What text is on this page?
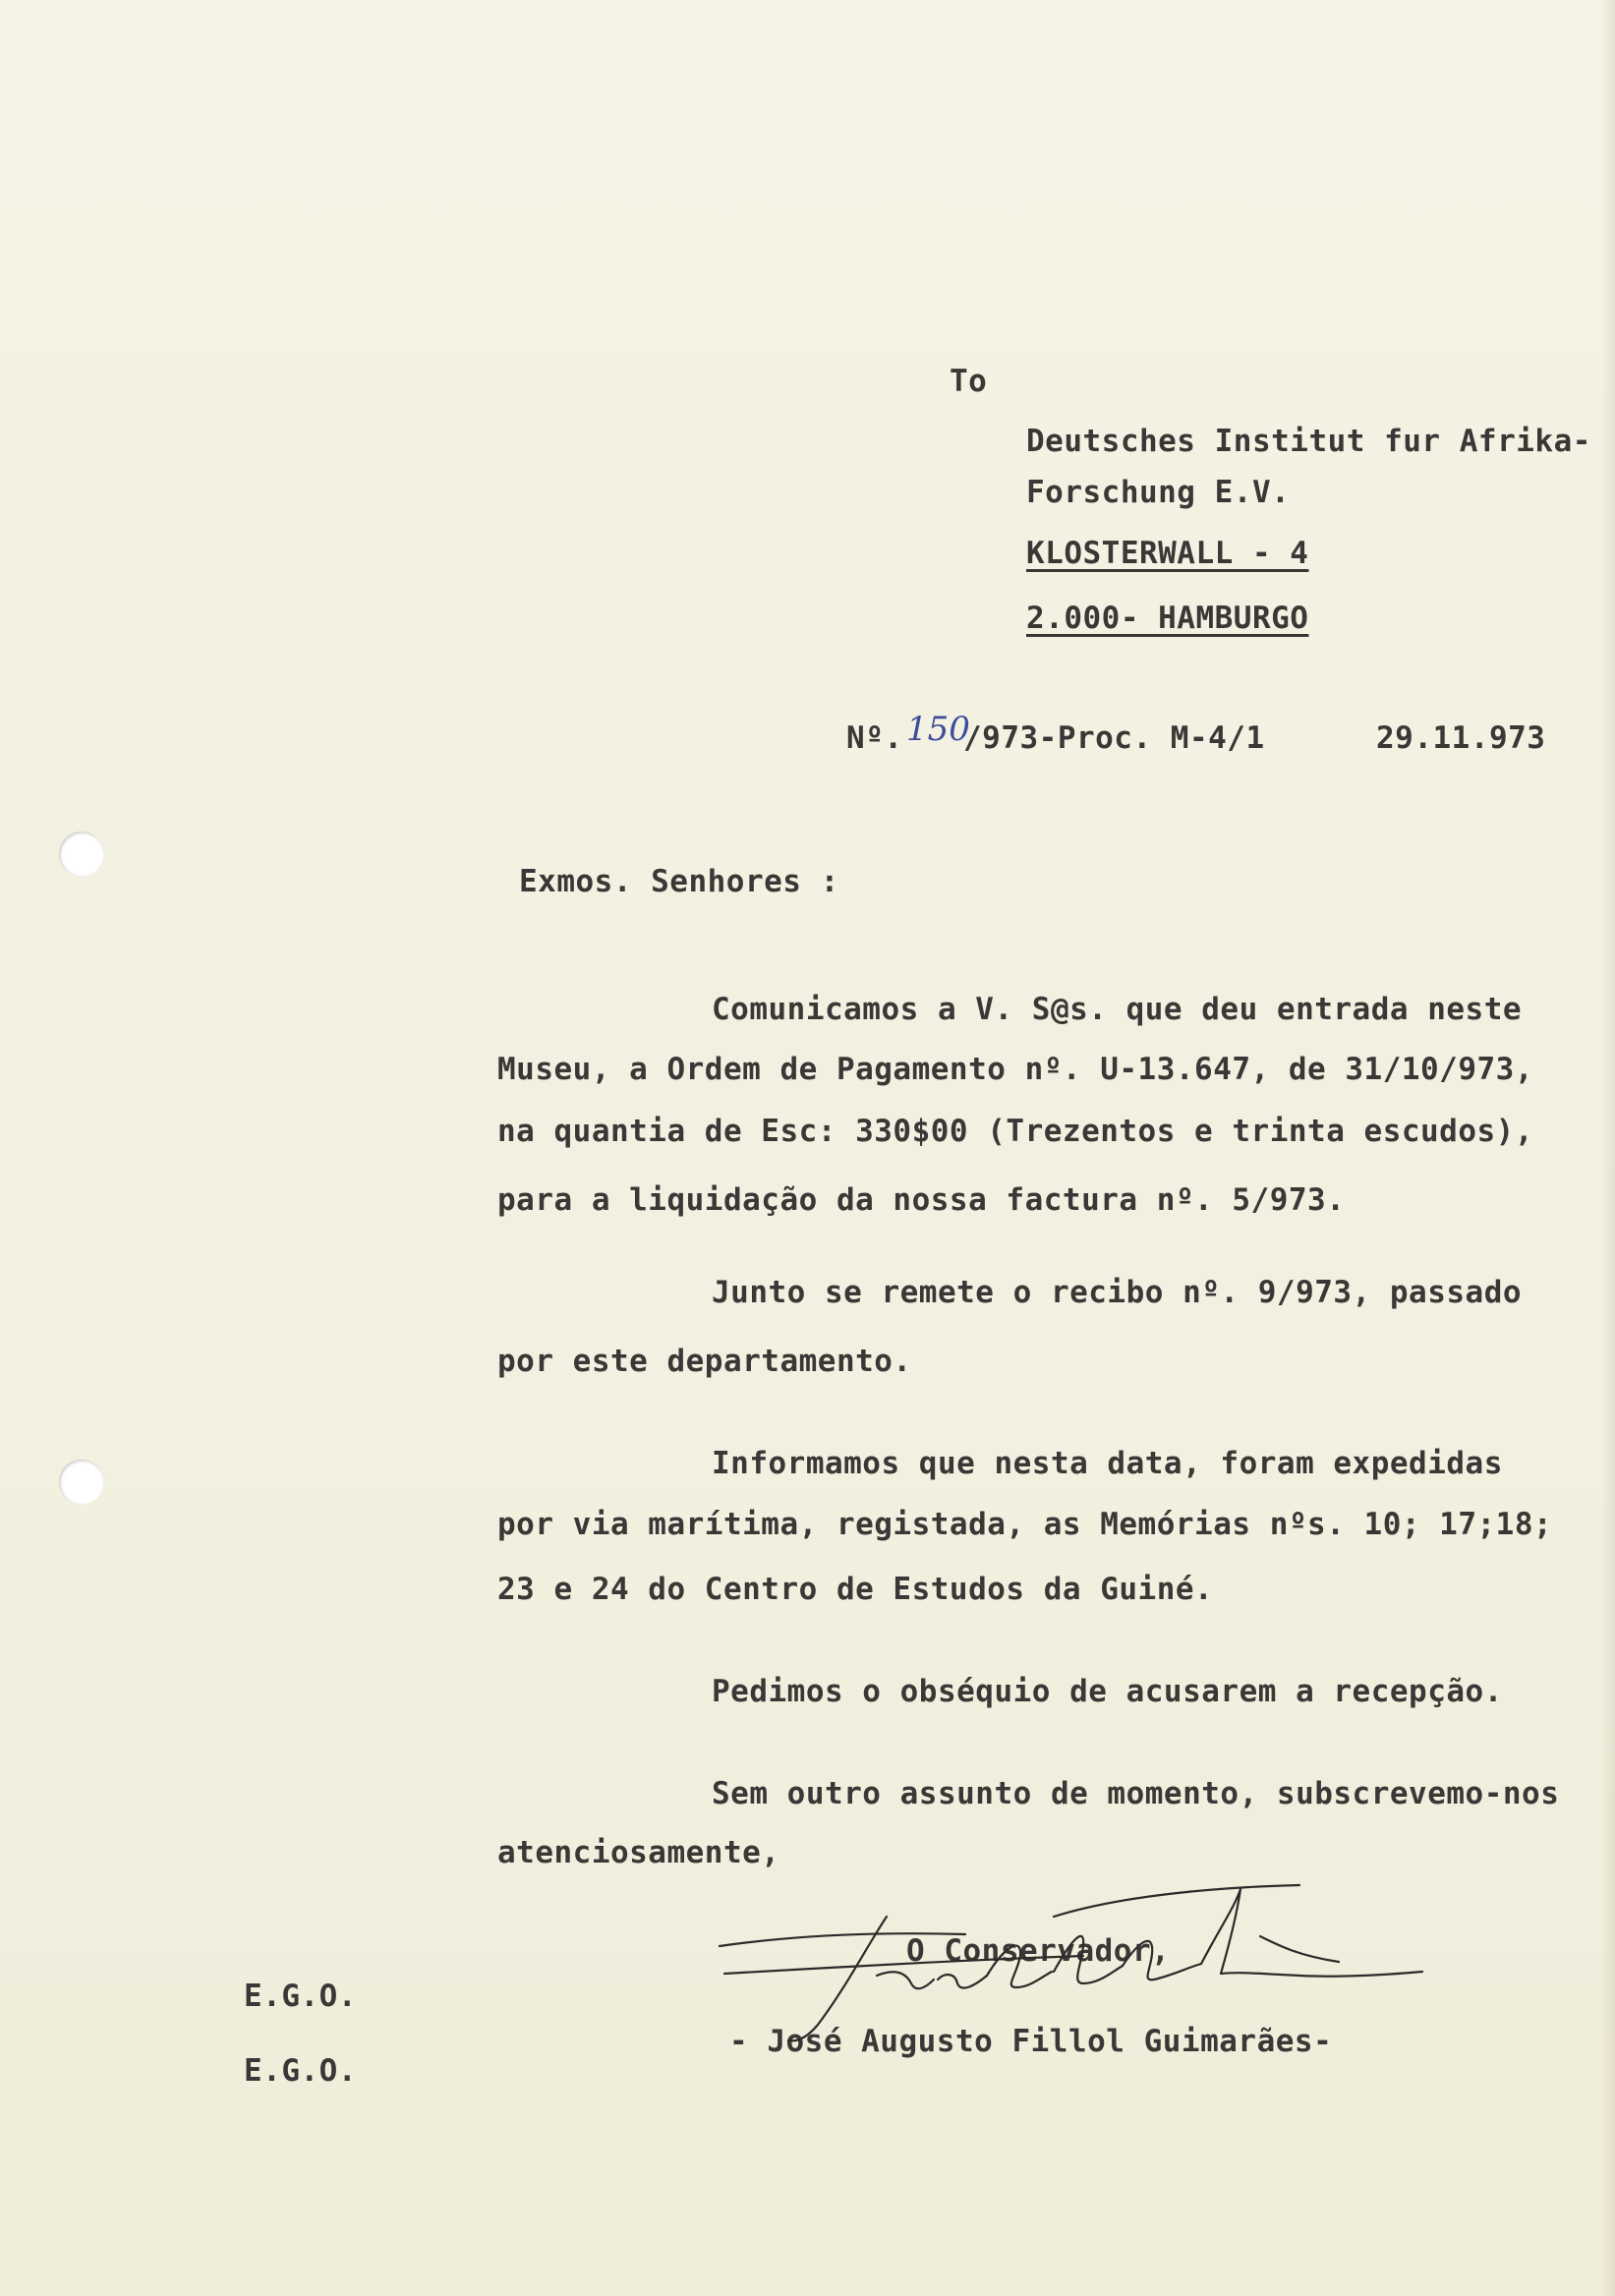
To
Deutsches Institut fur Afrika-
Forschung E.V.
KLOSTERWALL - 4
2.000- HAMBURGO
Nº. 150
/973-Proc. M-4/1	29.11.973
Exmos. Senhores :
Comunicamos a V. S@s. que deu entrada neste
Museu, a Ordem de Pagamento nº. U-13.647, de 31/10/973,
na quantia de Esc: 330$00 (Trezentos e trinta escudos),
para a liquidação da nossa factura nº. 5/973.
Junto se remete o recibo nº. 9/973, passado
por este departamento.
Informamos que nesta data, foram expedidas
por via marítima, registada, as Memórias nºs. 10; 17;18;
23 e 24 do Centro de Estudos da Guiné.
Pedimos o obséquio de acusarem a recepção.
Sem outro assunto de momento, subscrevemo-nos
atenciosamente,
O Conservador,
- José Augusto Fillol Guimarães-
E.G.O.
E.G.O.
